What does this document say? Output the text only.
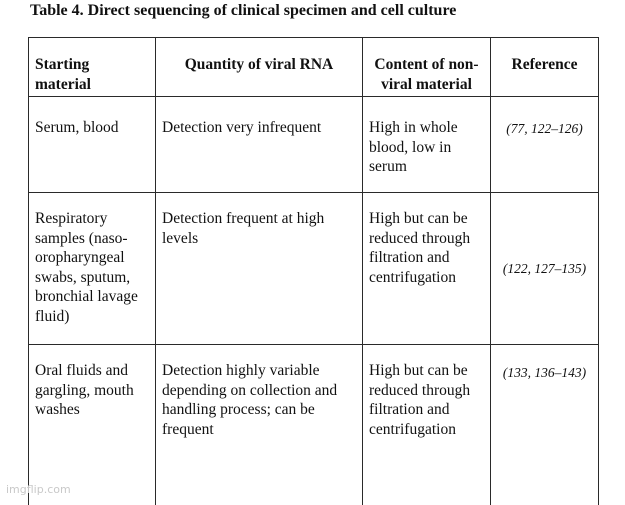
Table 4. Direct sequencing of clinical specimen and cell culture
Starting material	Quantity of viral RNA	Content of non-viral material	Reference
Serum, blood	Detection very infrequent	High in whole blood, low in serum	(77, 122–126)
Respiratory samples (naso-oropharyngeal swabs, sputum, bronchial lavage fluid)	Detection frequent at high levels	High but can be reduced through filtration and centrifugation	(122, 127–135)
Oral fluids and gargling, mouth washes	Detection highly variable depending on collection and handling process; can be frequent	High but can be reduced through filtration and centrifugation	(133, 136–143)
imgflip.com
